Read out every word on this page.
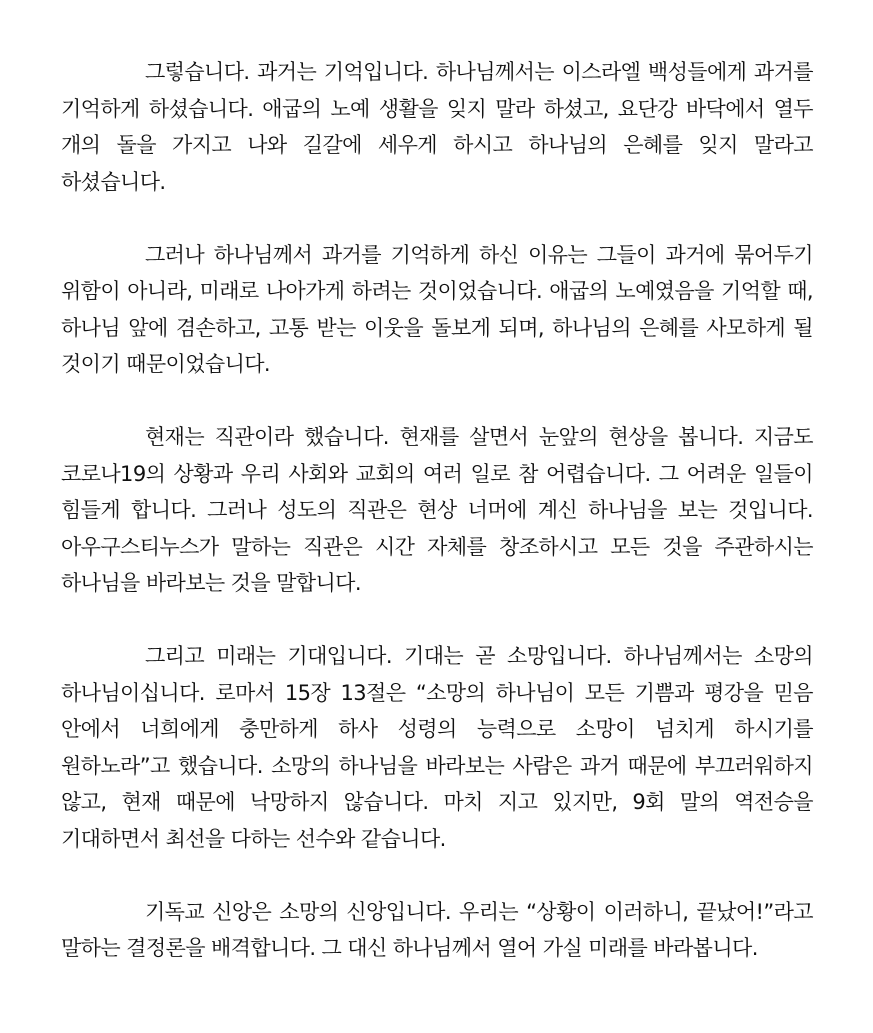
그렇습니다. 과거는 기억입니다. 하나님께서는 이스라엘 백성들에게 과거를 기억하게 하셨습니다. 애굽의 노예 생활을 잊지 말라 하셨고, 요단강 바닥에서 열두 개의 돌을 가지고 나와 길갈에 세우게 하시고 하나님의 은혜를 잊지 말라고 하셨습니다.

그러나 하나님께서 과거를 기억하게 하신 이유는 그들이 과거에 묶어두기 위함이 아니라, 미래로 나아가게 하려는 것이었습니다. 애굽의 노예였음을 기억할 때, 하나님 앞에 겸손하고, 고통 받는 이웃을 돌보게 되며, 하나님의 은혜를 사모하게 될 것이기 때문이었습니다.

현재는 직관이라 했습니다. 현재를 살면서 눈앞의 현상을 봅니다. 지금도 코로나19의 상황과 우리 사회와 교회의 여러 일로 참 어렵습니다. 그 어려운 일들이 힘들게 합니다. 그러나 성도의 직관은 현상 너머에 계신 하나님을 보는 것입니다. 아우구스티누스가 말하는 직관은 시간 자체를 창조하시고 모든 것을 주관하시는 하나님을 바라보는 것을 말합니다.

그리고 미래는 기대입니다. 기대는 곧 소망입니다. 하나님께서는 소망의 하나님이십니다. 로마서 15장 13절은 “소망의 하나님이 모든 기쁨과 평강을 믿음 안에서 너희에게 충만하게 하사 성령의 능력으로 소망이 넘치게 하시기를 원하노라”고 했습니다. 소망의 하나님을 바라보는 사람은 과거 때문에 부끄러워하지 않고, 현재 때문에 낙망하지 않습니다. 마치 지고 있지만, 9회 말의 역전승을 기대하면서 최선을 다하는 선수와 같습니다.

기독교 신앙은 소망의 신앙입니다. 우리는 “상황이 이러하니, 끝났어!”라고 말하는 결정론을 배격합니다. 그 대신 하나님께서 열어 가실 미래를 바라봅니다.
